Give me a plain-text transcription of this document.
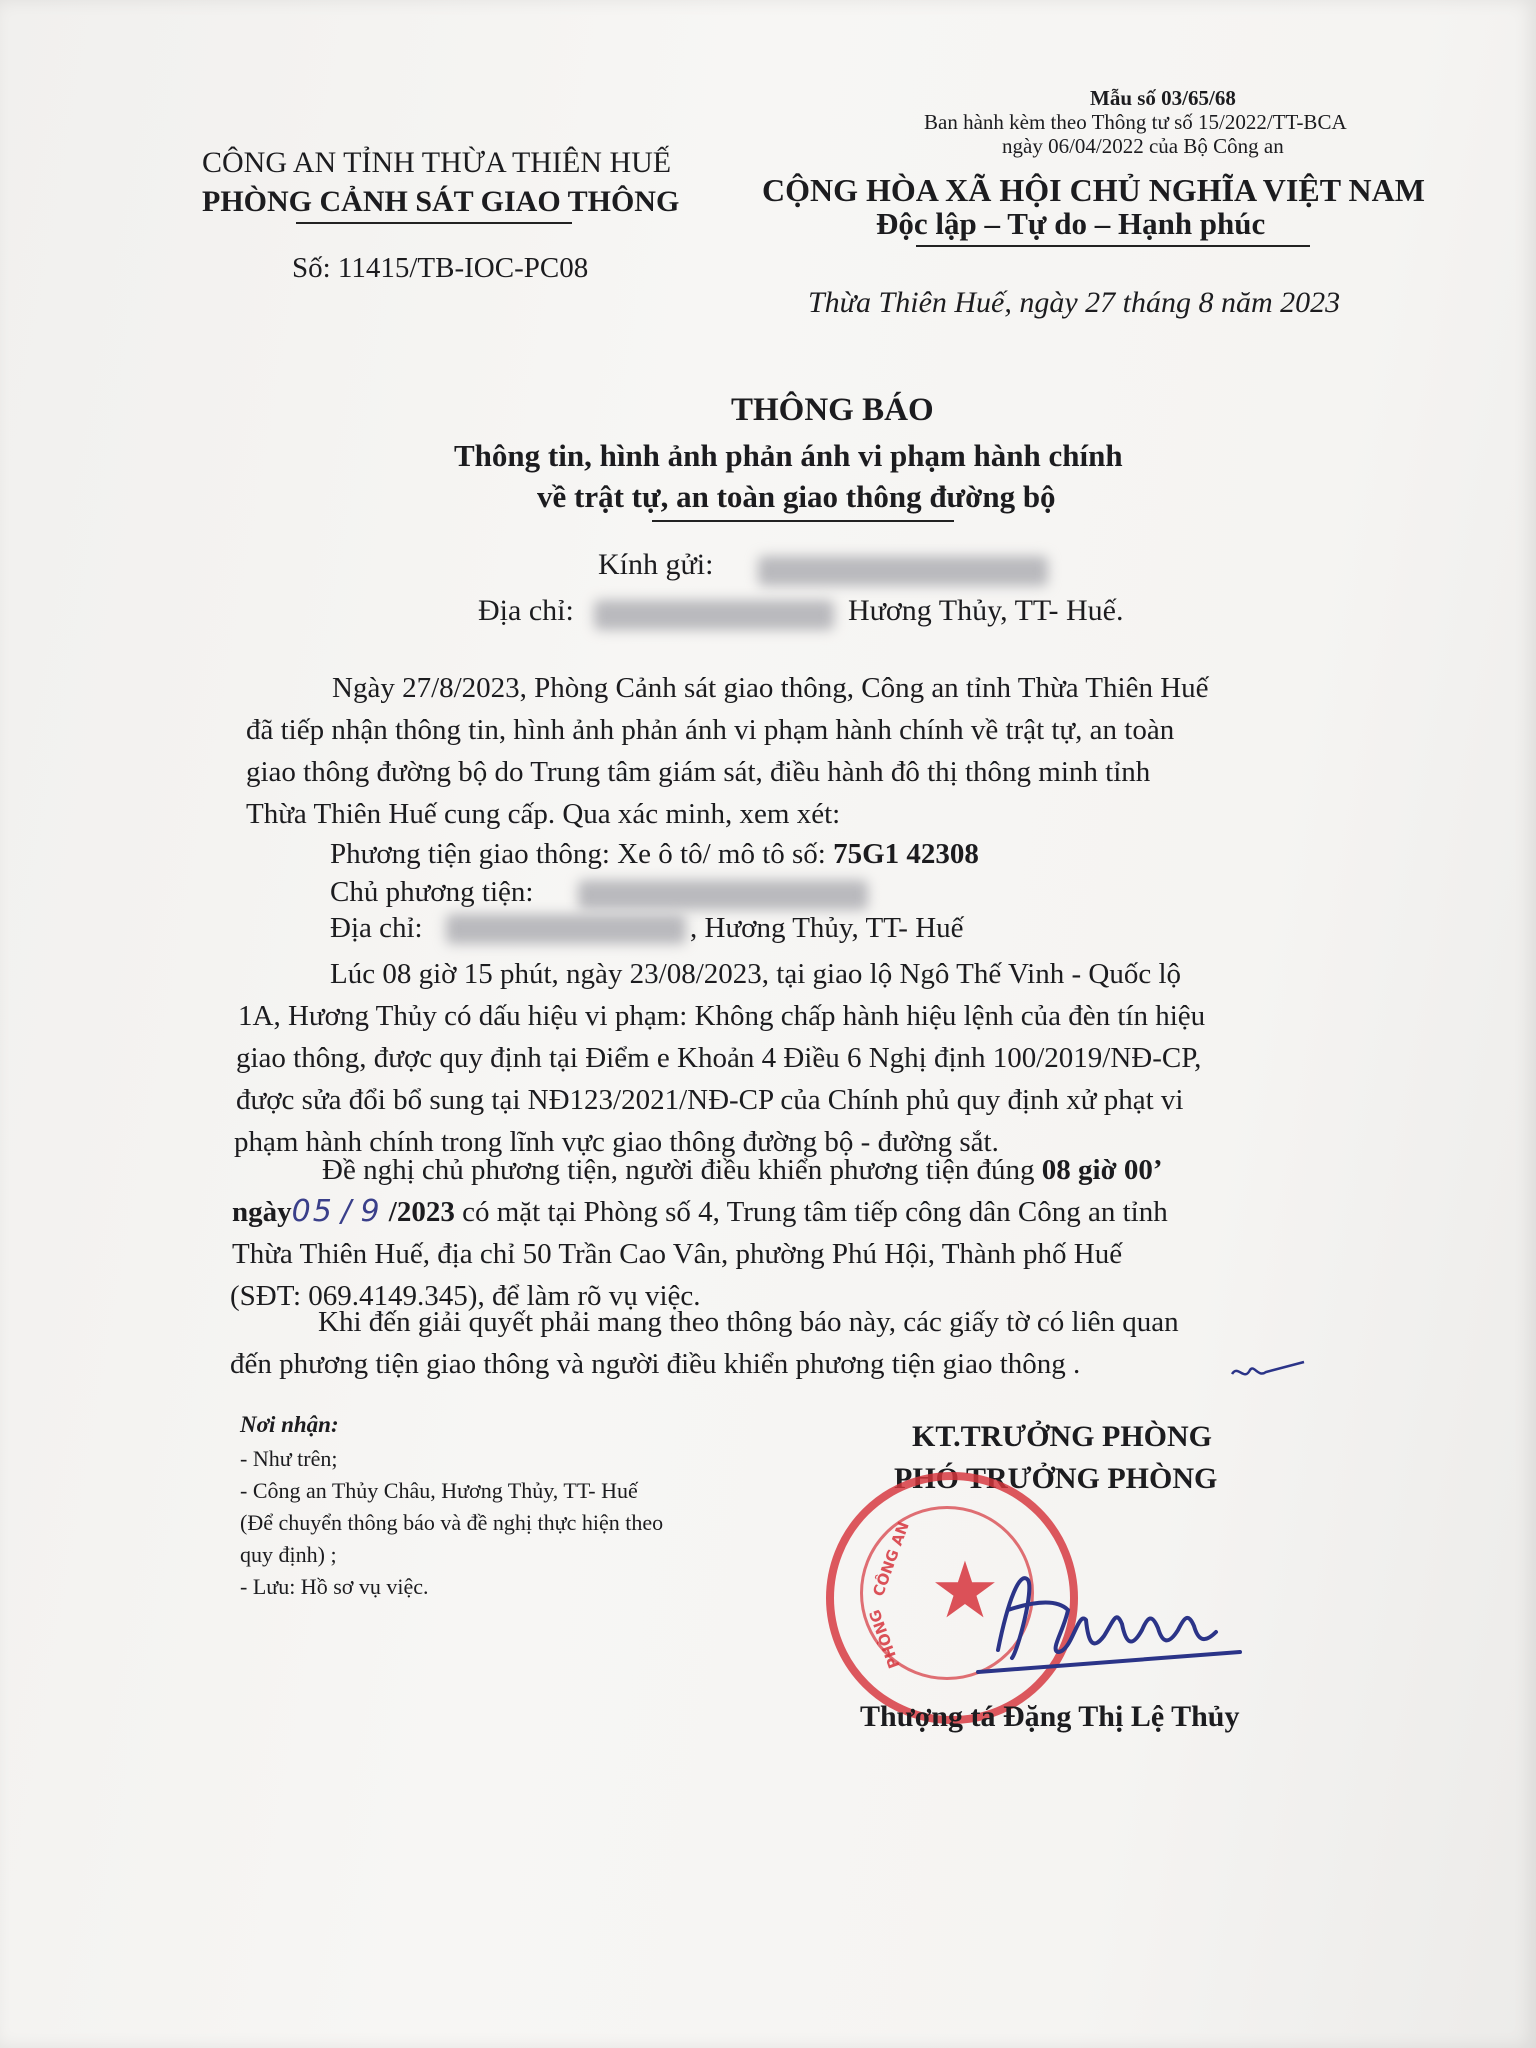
Mẫu số 03/65/68
Ban hành kèm theo Thông tư số 15/2022/TT-BCA
ngày 06/04/2022 của Bộ Công an
CÔNG AN TỈNH THỪA THIÊN HUẾ
PHÒNG CẢNH SÁT GIAO THÔNG
Số: 11415/TB-IOC-PC08
CỘNG HÒA XÃ HỘI CHỦ NGHĨA VIỆT NAM
Độc lập – Tự do – Hạnh phúc
Thừa Thiên Huế, ngày 27 tháng 8 năm 2023
THÔNG BÁO
Thông tin, hình ảnh phản ánh vi phạm hành chính
về trật tự, an toàn giao thông đường bộ
Kính gửi:
Địa chỉ:	Hương Thủy, TT- Huế.
Ngày 27/8/2023, Phòng Cảnh sát giao thông, Công an tỉnh Thừa Thiên Huế
đã tiếp nhận thông tin, hình ảnh phản ánh vi phạm hành chính về trật tự, an toàn
giao thông đường bộ do Trung tâm giám sát, điều hành đô thị thông minh tỉnh
Thừa Thiên Huế cung cấp. Qua xác minh, xem xét:
Phương tiện giao thông: Xe ô tô/ mô tô số: 75G1 42308
Chủ phương tiện:
Địa chỉ:	, Hương Thủy, TT- Huế
Lúc 08 giờ 15 phút, ngày 23/08/2023, tại giao lộ Ngô Thế Vinh - Quốc lộ
1A, Hương Thủy có dấu hiệu vi phạm: Không chấp hành hiệu lệnh của đèn tín hiệu
giao thông, được quy định tại Điểm e Khoản 4 Điều 6 Nghị định 100/2019/NĐ-CP,
được sửa đổi bổ sung tại NĐ123/2021/NĐ-CP của Chính phủ quy định xử phạt vi
phạm hành chính trong lĩnh vực giao thông đường bộ - đường sắt.
Đề nghị chủ phương tiện, người điều khiển phương tiện đúng 08 giờ 00’
ngày05 / 9 /2023 có mặt tại Phòng số 4, Trung tâm tiếp công dân Công an tỉnh
Thừa Thiên Huế, địa chỉ 50 Trần Cao Vân, phường Phú Hội, Thành phố Huế
(SĐT: 069.4149.345), để làm rõ vụ việc.
Khi đến giải quyết phải mang theo thông báo này, các giấy tờ có liên quan
đến phương tiện giao thông và người điều khiển phương tiện giao thông .
Nơi nhận:
- Như trên;
- Công an Thủy Châu, Hương Thủy, TT- Huế
(Để chuyển thông báo và đề nghị thực hiện theo
quy định) ;
- Lưu: Hồ sơ vụ việc.
KT.TRƯỞNG PHÒNG
PHÓ TRƯỞNG PHÒNG
★
CÔNG AN
PHÒNG
Thượng tá Đặng Thị Lệ Thủy
